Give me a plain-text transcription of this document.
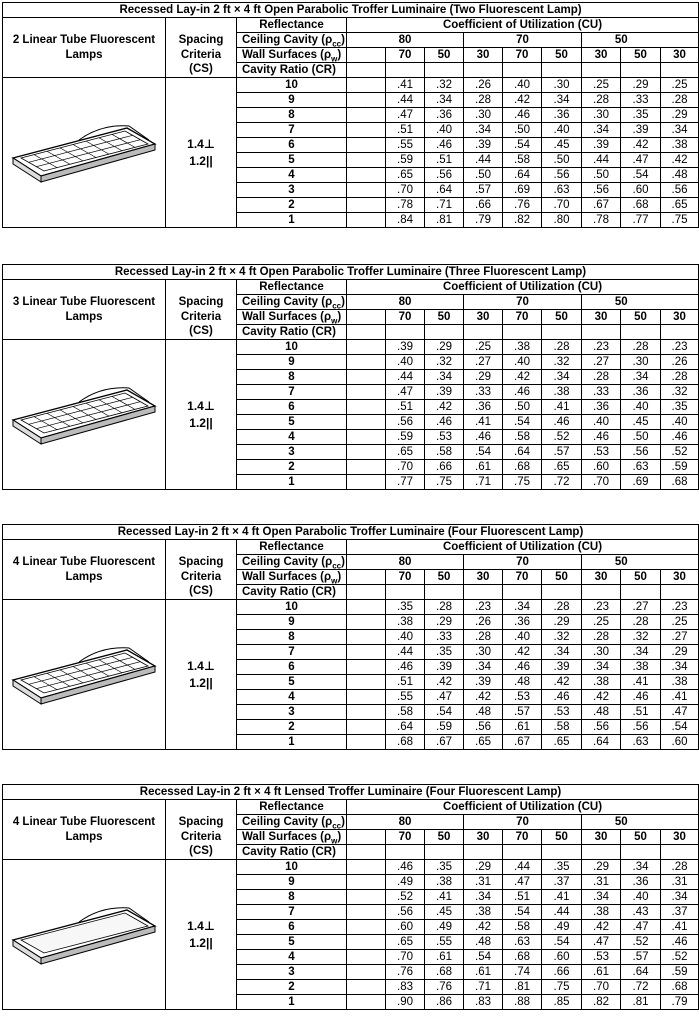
Recessed Lay-in 2 ft × 4 ft Open Parabolic Troffer Luminaire (Two Fluorescent Lamp)											
2 Linear Tube Fluorescent Lamps		Reflectance	Coefficient of Utilization (CU)								
	Spacing	Ceiling Cavity $(\rho_{cc})$	80			70			50		
	Criteria	Wall Surfaces $(\rho_w)$		70	50	30	70	50	30	50	30
	(CS)	Cavity Ratio (CR)									

1.4⊥
1.2||	10		.41	.32	.26	.40	.30	.25	.29	.25
		9		.44	.34	.28	.42	.34	.28	.33	.28
		8		.47	.36	.30	.46	.36	.30	.35	.29
		7		.51	.40	.34	.50	.40	.34	.39	.34
		6		.55	.46	.39	.54	.45	.39	.42	.38
		5		.59	.51	.44	.58	.50	.44	.47	.42
		4		.65	.56	.50	.64	.56	.50	.54	.48
		3		.70	.64	.57	.69	.63	.56	.60	.56
		2		.78	.71	.66	.76	.70	.67	.68	.65
		1		.84	.81	.79	.82	.80	.78	.77	.75
Recessed Lay-in 2 ft × 4 ft Open Parabolic Troffer Luminaire (Three Fluorescent Lamp)											
3 Linear Tube Fluorescent Lamps		Reflectance	Coefficient of Utilization (CU)								
	Spacing	Ceiling Cavity $(\rho_{cc})$	80			70			50		
	Criteria	Wall Surfaces $(\rho_w)$		70	50	30	70	50	30	50	30
	(CS)	Cavity Ratio (CR)									

1.4⊥
1.2||	10		.39	.29	.25	.38	.28	.23	.28	.23
		9		.40	.32	.27	.40	.32	.27	.30	.26
		8		.44	.34	.29	.42	.34	.28	.34	.28
		7		.47	.39	.33	.46	.38	.33	.36	.32
		6		.51	.42	.36	.50	.41	.36	.40	.35
		5		.56	.46	.41	.54	.46	.40	.45	.40
		4		.59	.53	.46	.58	.52	.46	.50	.46
		3		.65	.58	.54	.64	.57	.53	.56	.52
		2		.70	.66	.61	.68	.65	.60	.63	.59
		1		.77	.75	.71	.75	.72	.70	.69	.68
Recessed Lay-in 2 ft × 4 ft Open Parabolic Troffer Luminaire (Four Fluorescent Lamp)											
4 Linear Tube Fluorescent Lamps		Reflectance	Coefficient of Utilization (CU)								
	Spacing	Ceiling Cavity $(\rho_{cc})$	80			70			50		
	Criteria	Wall Surfaces $(\rho_w)$		70	50	30	70	50	30	50	30
	(CS)	Cavity Ratio (CR)									

1.4⊥
1.2||	10		.35	.28	.23	.34	.28	.23	.27	.23
		9		.38	.29	.26	.36	.29	.25	.28	.25
		8		.40	.33	.28	.40	.32	.28	.32	.27
		7		.44	.35	.30	.42	.34	.30	.34	.29
		6		.46	.39	.34	.46	.39	.34	.38	.34
		5		.51	.42	.39	.48	.42	.38	.41	.38
		4		.55	.47	.42	.53	.46	.42	.46	.41
		3		.58	.54	.48	.57	.53	.48	.51	.47
		2		.64	.59	.56	.61	.58	.56	.56	.54
		1		.68	.67	.65	.67	.65	.64	.63	.60
Recessed Lay-in 2 ft × 4 ft Lensed Troffer Luminaire (Four Fluorescent Lamp)											
4 Linear Tube Fluorescent Lamps		Reflectance	Coefficient of Utilization (CU)								
	Spacing	Ceiling Cavity $(\rho_{cc})$	80			70			50		
	Criteria	Wall Surfaces $(\rho_w)$		70	50	30	70	50	30	50	30
	(CS)	Cavity Ratio (CR)									

1.4⊥
1.2||	10		.46	.35	.29	.44	.35	.29	.34	.28
		9		.49	.38	.31	.47	.37	.31	.36	.31
		8		.52	.41	.34	.51	.41	.34	.40	.34
		7		.56	.45	.38	.54	.44	.38	.43	.37
		6		.60	.49	.42	.58	.49	.42	.47	.41
		5		.65	.55	.48	.63	.54	.47	.52	.46
		4		.70	.61	.54	.68	.60	.53	.57	.52
		3		.76	.68	.61	.74	.66	.61	.64	.59
		2		.83	.76	.71	.81	.75	.70	.72	.68
		1		.90	.86	.83	.88	.85	.82	.81	.79
